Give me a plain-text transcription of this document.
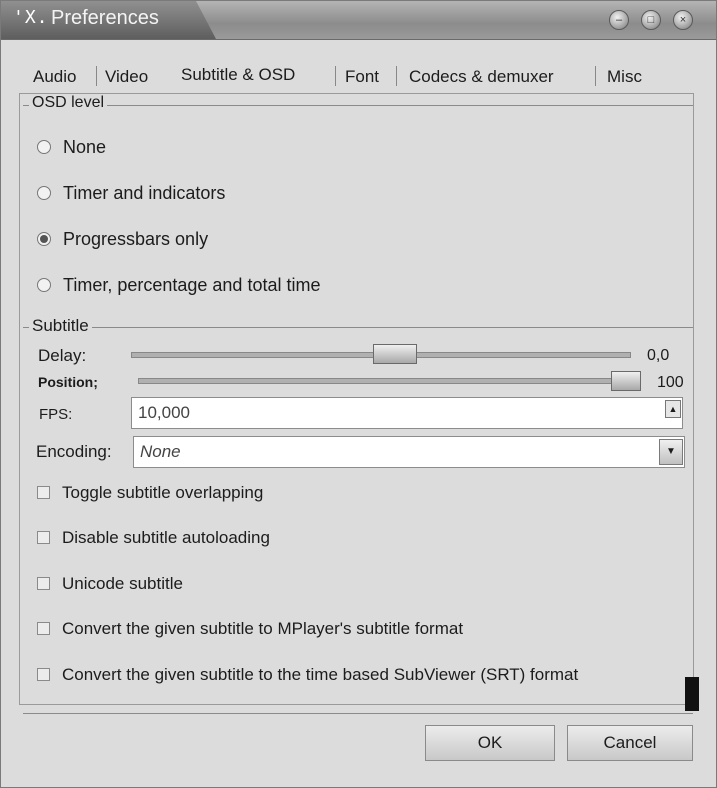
'X. Preferences	–	□	×
Audio Video Subtitle & OSD	Font Codecs & demuxer	Misc
OSD level
None
Timer and indicators
Progressbars only
Timer, percentage and total time
Subtitle
Delay:	0,0
Position;	100
FPS:	10,000	▲
Encoding:	None	▼
Toggle subtitle overlapping
Disable subtitle autoloading
Unicode subtitle
Convert the given subtitle to MPlayer's subtitle format
Convert the given subtitle to the time based SubViewer (SRT) format
OK	Cancel
